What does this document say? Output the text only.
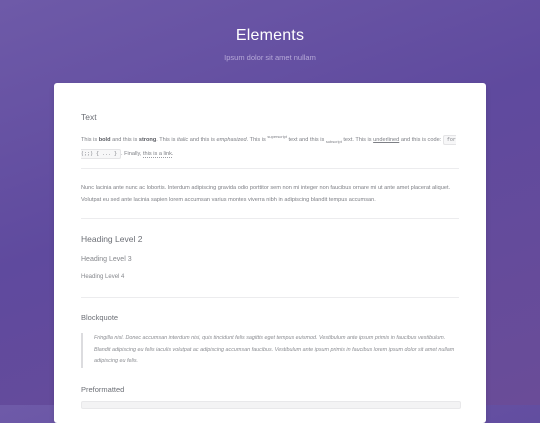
Elements
Ipsum dolor sit amet nullam
Text

This is bold and this is strong. This is italic and this is emphasized. This is $^{superscript}$ text and this is $_{subscript}$ text. This is underlined and this is code: for (;;) { ... } . Finally, this is a link.

Nunc lacinia ante nunc ac lobortis. Interdum adipiscing gravida odio porttitor sem non mi integer non faucibus ornare mi ut ante amet placerat aliquet. Volutpat eu sed ante lacinia sapien lorem accumsan varius montes viverra nibh in adipiscing blandit tempus accumsan.

Heading Level 2
Heading Level 3
Heading Level 4
Blockquote
Fringilla nisl. Donec accumsan interdum nisi, quis tincidunt felis sagittis eget tempus euismod. Vestibulum ante ipsum primis in faucibus vestibulum. Blandit adipiscing eu felis iaculis volutpat ac adipiscing accumsan faucibus. Vestibulum ante ipsum primis in faucibus lorem ipsum dolor sit amet nullam adipiscing eu felis.
Preformatted
